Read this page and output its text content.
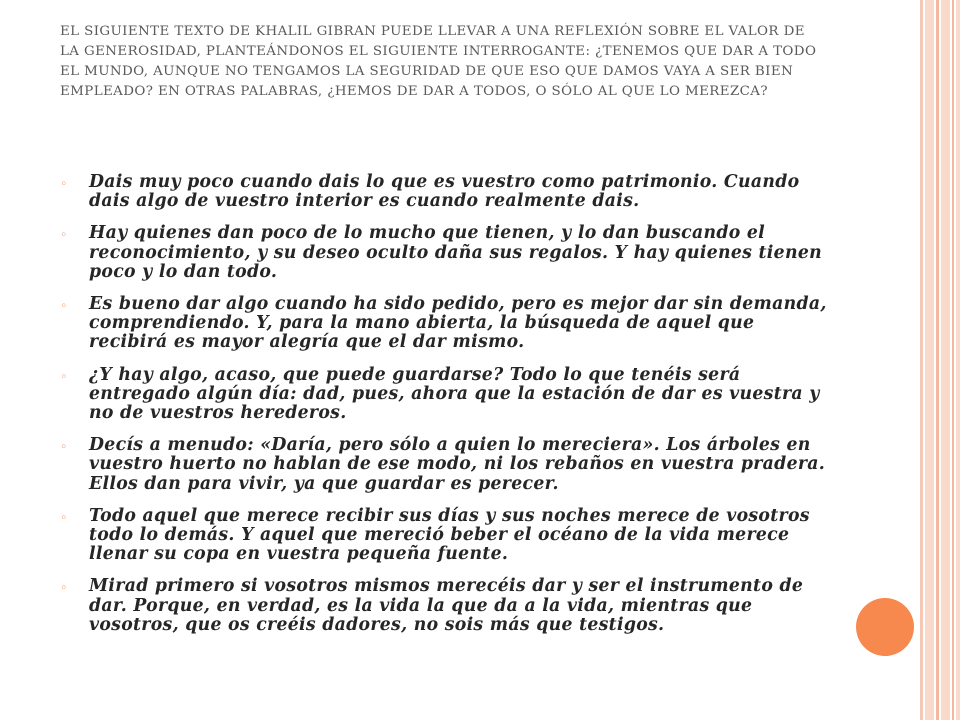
EL SIGUIENTE TEXTO DE KHALIL GIBRAN PUEDE LLEVAR A UNA REFLEXIÓN SOBRE EL VALOR DE LA GENEROSIDAD, PLANTEÁNDONOS EL SIGUIENTE INTERROGANTE: ¿TENEMOS QUE DAR A TODO EL MUNDO, AUNQUE NO TENGAMOS LA SEGURIDAD DE QUE ESO QUE DAMOS VAYA A SER BIEN EMPLEADO? EN OTRAS PALABRAS, ¿HEMOS DE DAR A TODOS, O SÓLO AL QUE LO MEREZCA?
◦ Dais muy poco cuando dais lo que es vuestro como patrimonio. Cuando dais algo de vuestro interior es cuando realmente dais.
◦ Hay quienes dan poco de lo mucho que tienen, y lo dan buscando el reconocimiento, y su deseo oculto daña sus regalos. Y hay quienes tienen poco y lo dan todo.
◦ Es bueno dar algo cuando ha sido pedido, pero es mejor dar sin demanda, comprendiendo. Y, para la mano abierta, la búsqueda de aquel que recibirá es mayor alegría que el dar mismo.
◦ ¿Y hay algo, acaso, que puede guardarse? Todo lo que tenéis será entregado algún día: dad, pues, ahora que la estación de dar es vuestra y no de vuestros herederos.
◦ Decís a menudo: «Daría, pero sólo a quien lo mereciera». Los árboles en vuestro huerto no hablan de ese modo, ni los rebaños en vuestra pradera. Ellos dan para vivir, ya que guardar es perecer.
◦ Todo aquel que merece recibir sus días y sus noches merece de vosotros todo lo demás. Y aquel que mereció beber el océano de la vida merece llenar su copa en vuestra pequeña fuente.
◦ Mirad primero si vosotros mismos merecéis dar y ser el instrumento de dar. Porque, en verdad, es la vida la que da a la vida, mientras que vosotros, que os creéis dadores, no sois más que testigos.
